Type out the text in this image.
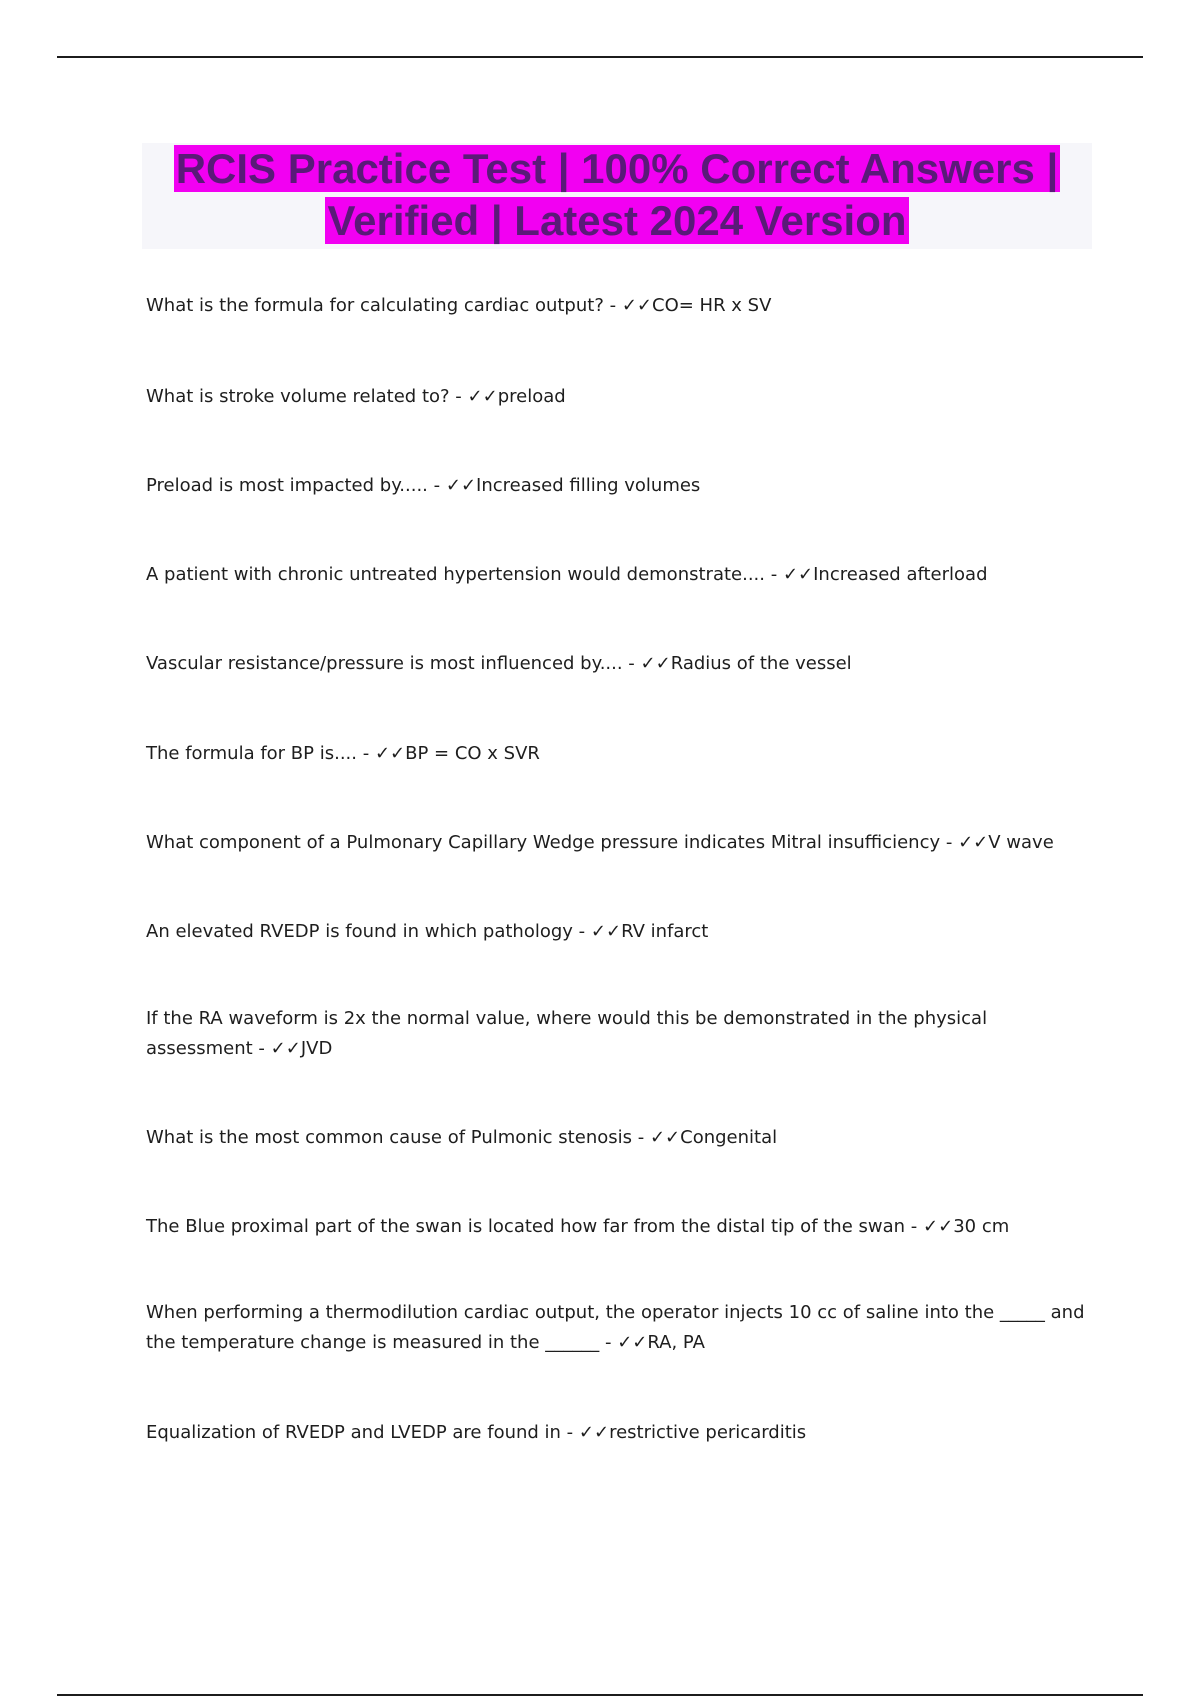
RCIS Practice Test | 100% Correct Answers |
Verified | Latest 2024 Version

What is the formula for calculating cardiac output? - ✓✓CO= HR x SV

What is stroke volume related to? - ✓✓preload

Preload is most impacted by..... - ✓✓Increased filling volumes

A patient with chronic untreated hypertension would demonstrate.... - ✓✓Increased afterload

Vascular resistance/pressure is most influenced by.... - ✓✓Radius of the vessel

The formula for BP is.... - ✓✓BP = CO x SVR

What component of a Pulmonary Capillary Wedge pressure indicates Mitral insufficiency - ✓✓V wave

An elevated RVEDP is found in which pathology - ✓✓RV infarct

If the RA waveform is 2x the normal value, where would this be demonstrated in the physical assessment - ✓✓JVD

What is the most common cause of Pulmonic stenosis - ✓✓Congenital

The Blue proximal part of the swan is located how far from the distal tip of the swan - ✓✓30 cm

When performing a thermodilution cardiac output, the operator injects 10 cc of saline into the _____ and the temperature change is measured in the ______ - ✓✓RA, PA

Equalization of RVEDP and LVEDP are found in - ✓✓restrictive pericarditis
